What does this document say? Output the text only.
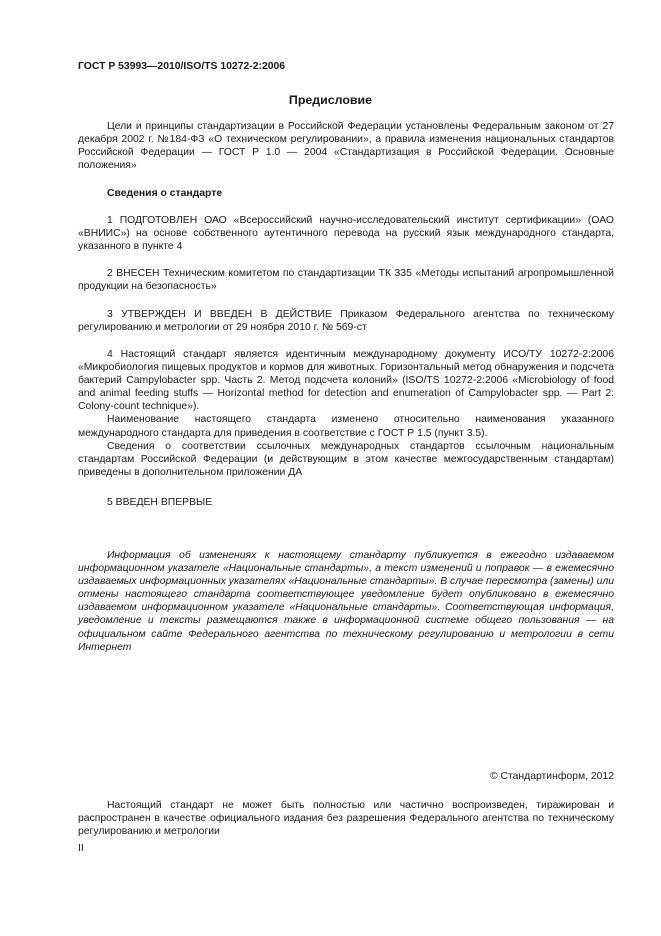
ГОСТ Р 53993—2010/ISO/TS 10272-2:2006
Предисловие

Цели и принципы стандартизации в Российской Федерации установлены Федеральным законом от 27 декабря 2002 г. №184-ФЗ «О техническом регулировании», а правила изменения национальных стандартов Российской Федерации — ГОСТ Р 1.0 — 2004 «Стандартизация в Российской Федерации. Основные положения»

Сведения о стандарте

1 ПОДГОТОВЛЕН ОАО «Всероссийский научно-исследовательский институт сертификации» (ОАО «ВНИИС») на основе собственного аутентичного перевода на русский язык международного стандарта, указанного в пункте 4

2 ВНЕСЕН Техническим комитетом по стандартизации ТК 335 «Методы испытаний агропромышленной продукции на безопасность»

3 УТВЕРЖДЕН И ВВЕДЕН В ДЕЙСТВИЕ Приказом Федерального агентства по техническому регулированию и метрологии от 29 ноября 2010 г. № 569-ст

4 Настоящий стандарт является идентичным международному документу ИСО/ТУ 10272-2:2006 «Микробиология пищевых продуктов и кормов для животных. Горизонтальный метод обнаружения и подсчета бактерий Campylobacter spp. Часть 2. Метод подсчета колоний» (ISO/TS 10272-2:2006 «Microbiology of food and animal feeding stuffs — Horizontal method for detection and enumeration of Campylobacter spp. — Part 2: Colony-count technique»).

Наименование настоящего стандарта изменено относительно наименования указанного международного стандарта для приведения в соответствие с ГОСТ Р 1.5 (пункт 3.5).

Сведения о соответствии ссылочных международных стандартов ссылочным национальным стандартам Российской Федерации (и действующим в этом качестве межгосударственным стандартам) приведены в дополнительном приложении ДА

5 ВВЕДЕН ВПЕРВЫЕ

Информация об изменениях к настоящему стандарту публикуется в ежегодно издаваемом информационном указателе «Национальные стандарты», а текст изменений и поправок — в ежемесячно издаваемых информационных указателях «Национальные стандарты». В случае пересмотра (замены) или отмены настоящего стандарта соответствующее уведомление будет опубликовано в ежемесячно издаваемом информационном указателе «Национальные стандарты». Соответствующая информация, уведомление и тексты размещаются также в информационной системе общего пользования — на официальном сайте Федерального агентства по техническому регулированию и метрологии в сети Интернет

© Стандартинформ, 2012

Настоящий стандарт не может быть полностью или частично воспроизведен, тиражирован и распространен в качестве официального издания без разрешения Федерального агентства по техническому регулированию и метрологии

II
